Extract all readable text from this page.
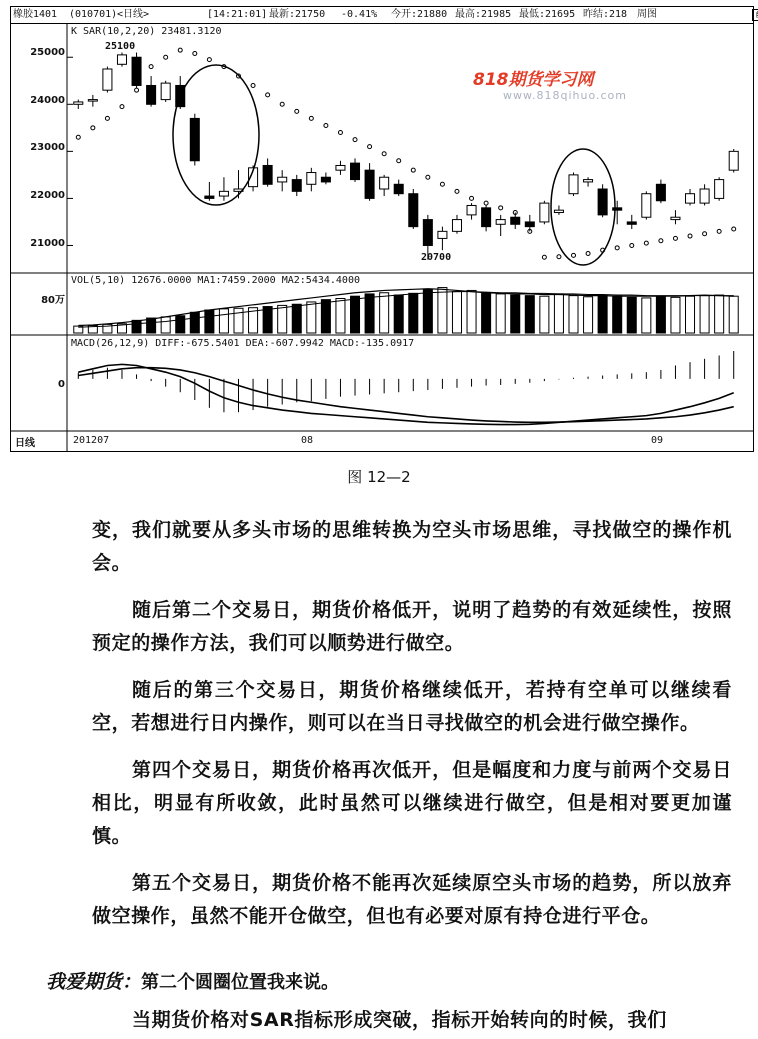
橡胶1401 (010701) <日线>	[14:21:01] 最新:21750 -0.41% 今开:21880 最高:21985 最低:21695 昨结:218 周图
K SAR(10,2,20) 23481.3120
VOL(5,10) 12676.0000 MA1:7459.2000 MA2:5434.4000
MACD(26,12,9) DIFF:-675.5401 DEA:-607.9942 MACD:-135.0917
25000
24000
23000
22000
21000
80万
0
25100
20700
日线	201207	08	09
818期货学习网
www.818qihuo.com
图 12—2

变，我们就要从多头市场的思维转换为空头市场思维，寻找做空的操作机会。

随后第二个交易日，期货价格低开，说明了趋势的有效延续性，按照预定的操作方法，我们可以顺势进行做空。

随后的第三个交易日，期货价格继续低开，若持有空单可以继续看空，若想进行日内操作，则可以在当日寻找做空的机会进行做空操作。

第四个交易日，期货价格再次低开，但是幅度和力度与前两个交易日相比，明显有所收敛，此时虽然可以继续进行做空，但是相对要更加谨慎。

第五个交易日，期货价格不能再次延续原空头市场的趋势，所以放弃做空操作，虽然不能开仓做空，但也有必要对原有持仓进行平仓。

我爱期货：第二个圆圈位置我来说。
当期货价格对SAR指标形成突破，指标开始转向的时候，我们
